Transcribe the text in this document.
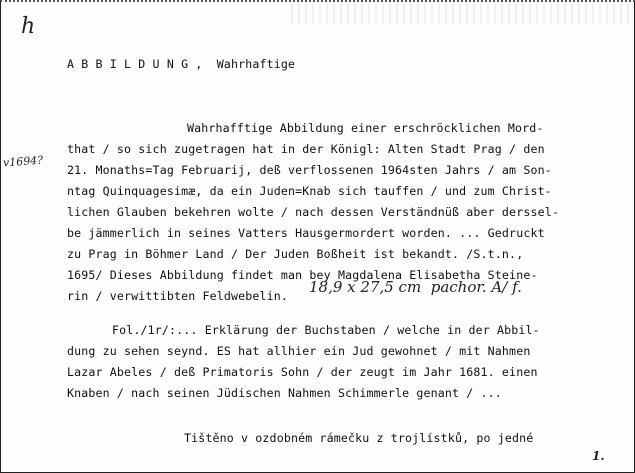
h
v1694?
A B B I L D U N G ,  Wahrhaftige
Wahrhafftige Abbildung einer erschröcklichen Mord-
that / so sich zugetragen hat in der Königl: Alten Stadt Prag / den
21. Monaths=Tag Februarij, deß verflossenen 1964sten Jahrs / am Son-
ntag Quinquagesimæ, da ein Juden=Knab sich tauffen / und zum Christ-
lichen Glauben bekehren wolte / nach dessen Verständnüß aber derssel-
be jämmerlich in seines Vatters Hausgermordert worden. ... Gedruckt
zu Prag in Böhmer Land / Der Juden Boßheit ist bekandt. /S.t.n.,
1695/ Dieses Abbildung findet man bey Magdalena Elisabetha Steine-
rin / verwittibten Feldwebelin. 18,9 x 27,5 cm  pachor. A/ f.
Fol./1r/:... Erklärung der Buchstaben / welche in der Abbil-
dung zu sehen seynd. ES hat allhier ein Jud gewohnet / mit Nahmen
Lazar Abeles / deß Primatoris Sohn / der zeugt im Jahr 1681. einen
Knaben / nach seinen Jüdischen Nahmen Schimmerle genant / ...
Tištěno v ozdobném rámečku z trojlístků, po jedné
1.
